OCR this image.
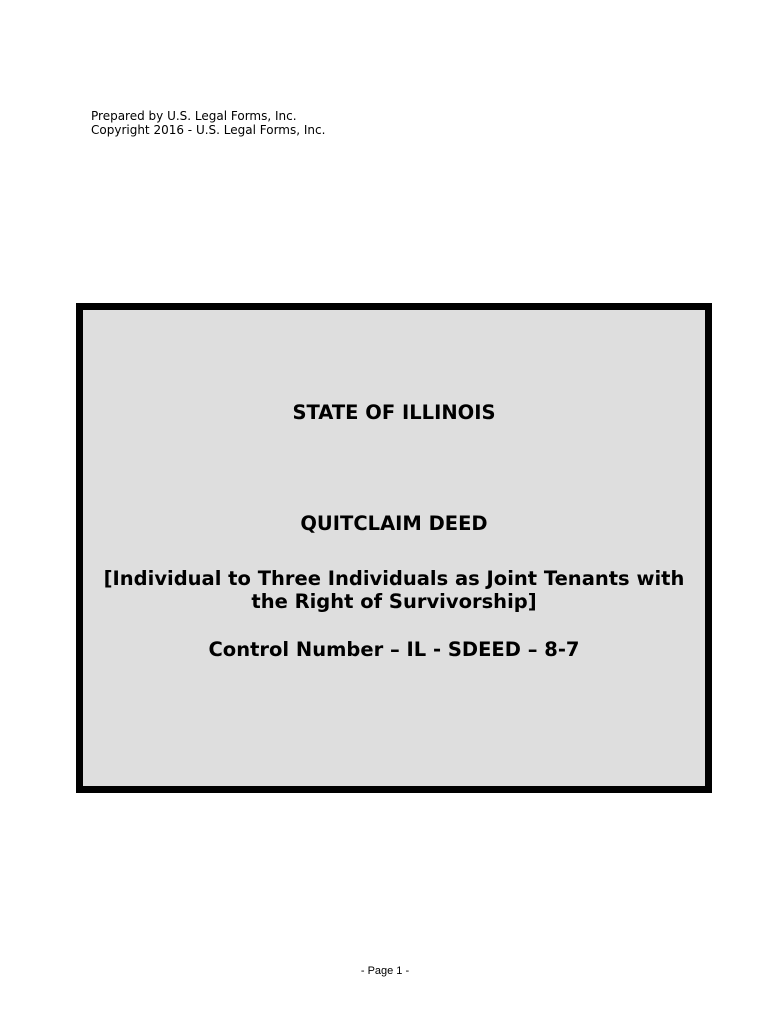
Prepared by U.S. Legal Forms, Inc.
Copyright 2016 - U.S. Legal Forms, Inc.
STATE OF ILLINOIS
QUITCLAIM DEED
[Individual to Three Individuals as Joint Tenants with
the Right of Survivorship]
Control Number – IL - SDEED – 8-7
- Page 1 -
